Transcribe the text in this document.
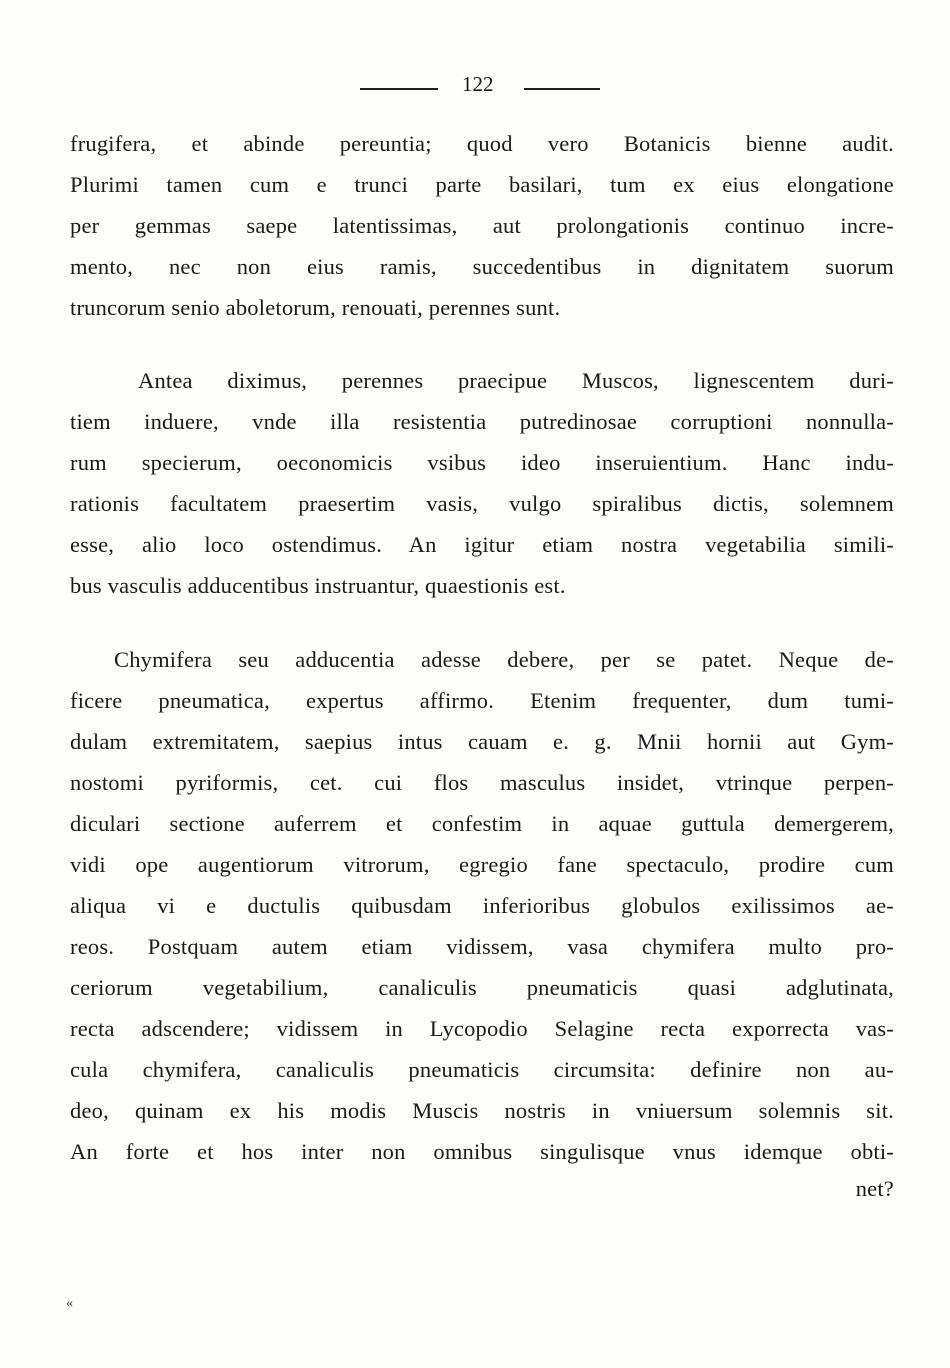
122
frugifera, et abinde pereuntia; quod vero Botanicis bienne audit.
Plurimi tamen cum e trunci parte basilari, tum ex eius elongatione
per gemmas saepe latentissimas, aut prolongationis continuo incre-
mento, nec non eius ramis, succedentibus in dignitatem suorum
truncorum senio aboletorum, renouati, perennes sunt.
Antea diximus, perennes praecipue Muscos, lignescentem duri-
tiem induere, vnde illa resistentia putredinosae corruptioni nonnulla-
rum specierum, oeconomicis vsibus ideo inseruientium. Hanc indu-
rationis facultatem praesertim vasis, vulgo spiralibus dictis, solemnem
esse, alio loco ostendimus. An igitur etiam nostra vegetabilia simili-
bus vasculis adducentibus instruantur, quaestionis est.
Chymifera seu adducentia adesse debere, per se patet. Neque de-
ficere pneumatica, expertus affirmo. Etenim frequenter, dum tumi-
dulam extremitatem, saepius intus cauam e. g. Mnii hornii aut Gym-
nostomi pyriformis, cet. cui flos masculus insidet, vtrinque perpen-
diculari sectione auferrem et confestim in aquae guttula demergerem,
vidi ope augentiorum vitrorum, egregio fane spectaculo, prodire cum
aliqua vi e ductulis quibusdam inferioribus globulos exilissimos ae-
reos. Postquam autem etiam vidissem, vasa chymifera multo pro-
ceriorum vegetabilium, canaliculis pneumaticis quasi adglutinata,
recta adscendere; vidissem in Lycopodio Selagine recta exporrecta vas-
cula chymifera, canaliculis pneumaticis circumsita: definire non au-
deo, quinam ex his modis Muscis nostris in vniuersum solemnis sit.
An forte et hos inter non omnibus singulisque vnus idemque obti-
net?
«
